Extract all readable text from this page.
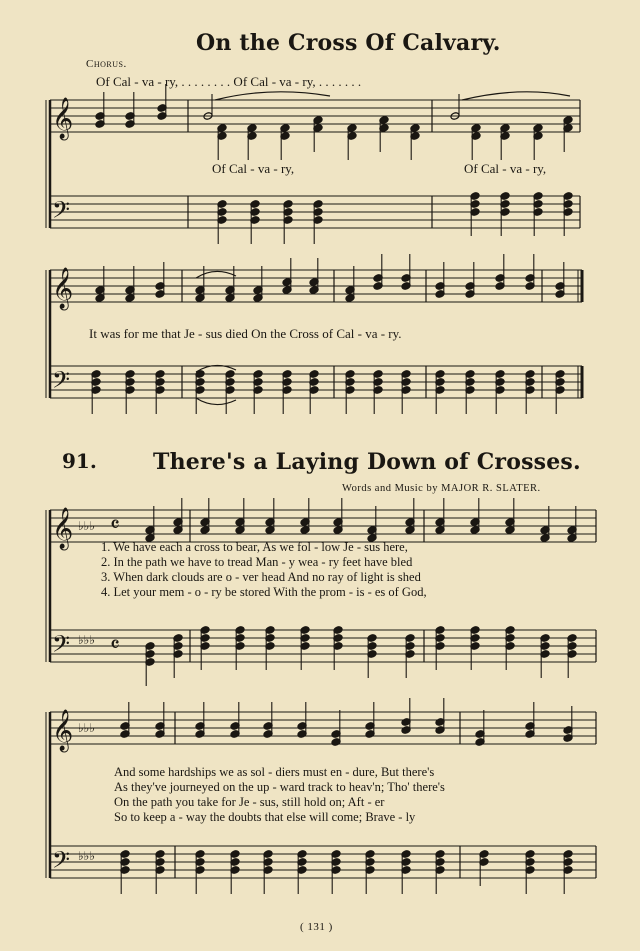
𝄞
𝄢
𝄞
𝄢
𝄞
𝄢
♭♭♭
♭♭♭
𝄴
𝄴
𝄞
𝄢
♭♭♭
♭♭♭
On the Cross Of Calvary.
Chorus.
Of Cal - va - ry, . . . . . . . . Of Cal - va - ry, . . . . . . .
Of Cal - va - ry,	Of Cal - va - ry,
It was for me that Je - sus died On the Cross of Cal - va - ry.
91.	There's a Laying Down of Crosses.
Words and Music by MAJOR R. SLATER.
1. We have each a cross to bear, As we fol - low Je - sus here,
2. In the path we have to tread Man - y wea - ry feet have bled
3. When dark clouds are o - ver head And no ray of light is shed
4. Let your mem - o - ry be stored With the prom - is - es of God,
And some hardships we as sol - diers must en - dure, But there's
As they've journeyed on the up - ward track to heav'n; Tho' there's
On the path you take for Je - sus, still hold on; Aft - er
So to keep a - way the doubts that else will come; Brave - ly
( 131 )
